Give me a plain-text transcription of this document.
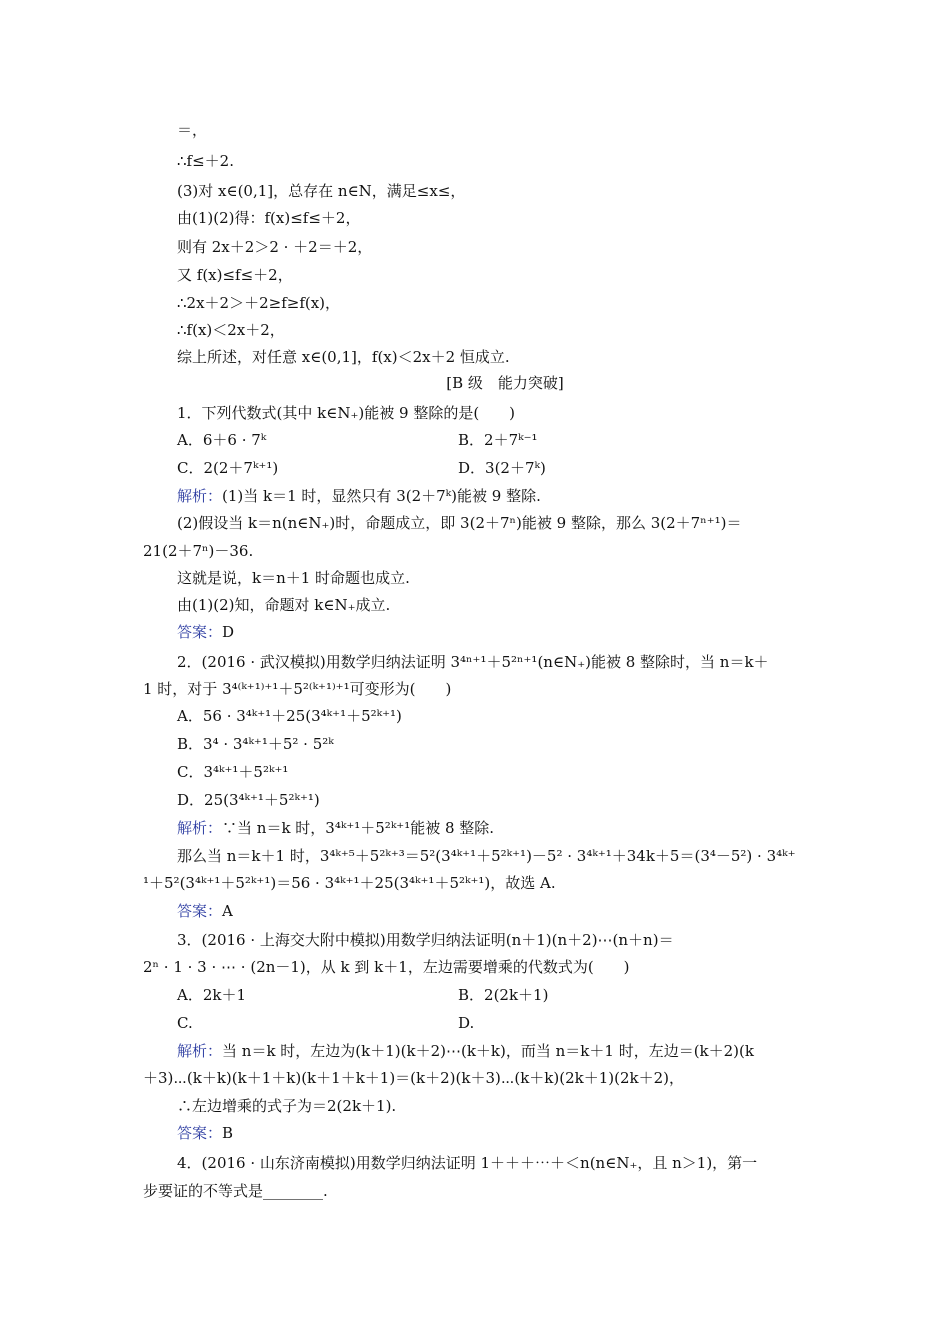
＝，
∴f≤＋2.
(3)对 x∈(0,1]，总存在 n∈N，满足≤x≤，
由(1)(2)得：f(x)≤f≤＋2，
则有 2x＋2＞2 · ＋2＝＋2，
又 f(x)≤f≤＋2，
∴2x＋2＞＋2≥f≥f(x)，
∴f(x)＜2x＋2，
综上所述，对任意 x∈(0,1]，f(x)＜2x＋2 恒成立.
[B 级　能力突破]
1．下列代数式(其中 k∈N₊)能被 9 整除的是(　　)
A．6＋6 · 7ᵏ	B．2＋7ᵏ⁻¹
C．2(2＋7ᵏ⁺¹)	D．3(2＋7ᵏ)
解析：(1)当 k＝1 时，显然只有 3(2＋7ᵏ)能被 9 整除.
(2)假设当 k＝n(n∈N₊)时，命题成立，即 3(2＋7ⁿ)能被 9 整除，那么 3(2＋7ⁿ⁺¹)＝
21(2＋7ⁿ)－36.
这就是说，k＝n＋1 时命题也成立.
由(1)(2)知，命题对 k∈N₊成立.
答案：D
2．(2016 · 武汉模拟)用数学归纳法证明 3⁴ⁿ⁺¹＋5²ⁿ⁺¹(n∈N₊)能被 8 整除时，当 n＝k＋
1 时，对于 3⁴⁽ᵏ⁺¹⁾⁺¹＋5²⁽ᵏ⁺¹⁾⁺¹可变形为(　　)
A．56 · 3⁴ᵏ⁺¹＋25(3⁴ᵏ⁺¹＋5²ᵏ⁺¹)
B．3⁴ · 3⁴ᵏ⁺¹＋5² · 5²ᵏ
C．3⁴ᵏ⁺¹＋5²ᵏ⁺¹
D．25(3⁴ᵏ⁺¹＋5²ᵏ⁺¹)
解析：∵当 n＝k 时，3⁴ᵏ⁺¹＋5²ᵏ⁺¹能被 8 整除.
那么当 n＝k＋1 时，3⁴ᵏ⁺⁵＋5²ᵏ⁺³＝5²(3⁴ᵏ⁺¹＋5²ᵏ⁺¹)－5² · 3⁴ᵏ⁺¹＋34k＋5＝(3⁴－5²) · 3⁴ᵏ⁺
¹＋5²(3⁴ᵏ⁺¹＋5²ᵏ⁺¹)＝56 · 3⁴ᵏ⁺¹＋25(3⁴ᵏ⁺¹＋5²ᵏ⁺¹)，故选 A.
答案：A
3．(2016 · 上海交大附中模拟)用数学归纳法证明(n＋1)(n＋2)⋯(n＋n)＝
2ⁿ · 1 · 3 · ⋯ · (2n－1)，从 k 到 k＋1，左边需要增乘的代数式为(　　)
A．2k＋1	B．2(2k＋1)
C.	D.
解析：当 n＝k 时，左边为(k＋1)(k＋2)⋯(k＋k)，而当 n＝k＋1 时，左边＝(k＋2)(k
＋3)⋯(k＋k)(k＋1＋k)(k＋1＋k＋1)＝(k＋2)(k＋3)⋯(k＋k)(2k＋1)(2k＋2)，
∴左边增乘的式子为＝2(2k＋1).
答案：B
4．(2016 · 山东济南模拟)用数学归纳法证明 1＋＋＋⋯＋＜n(n∈N₊，且 n＞1)，第一
步要证的不等式是________.
